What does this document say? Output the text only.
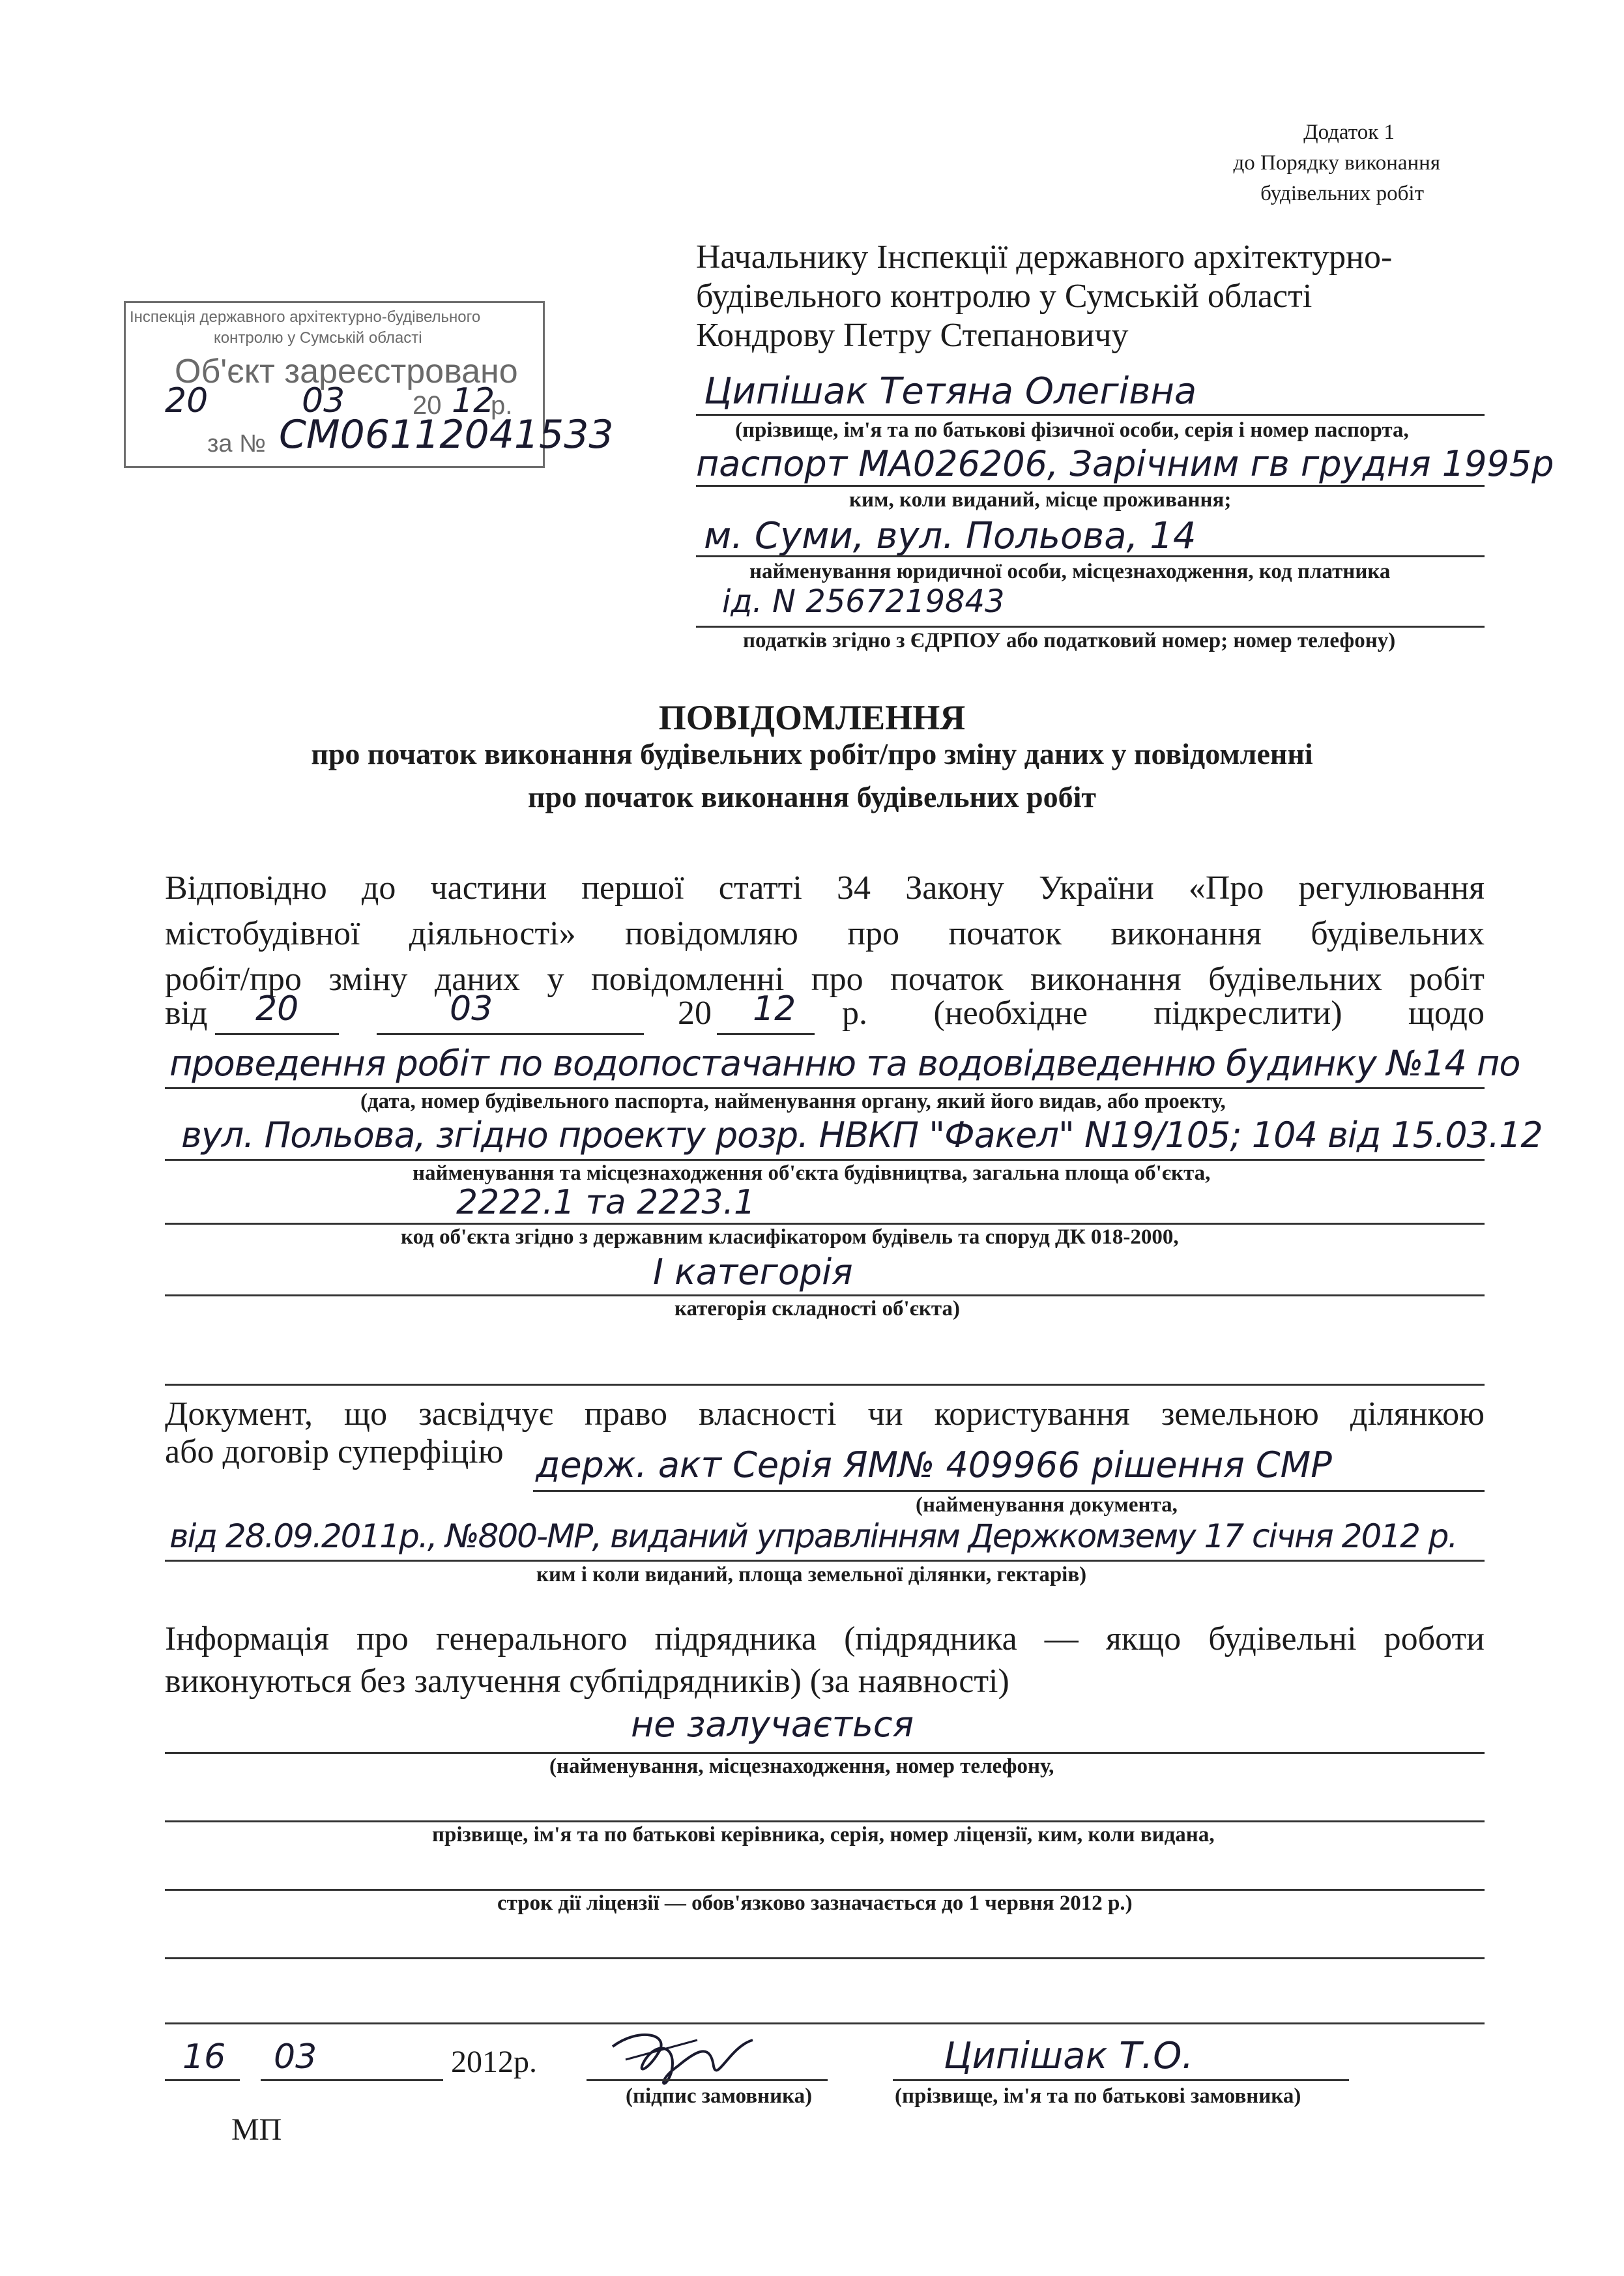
Додаток 1
до Порядку виконання
будівельних робіт
Начальнику Інспекції державного архітектурно-
будівельного контролю у Сумській області
Кондрову Петру Степановичу
Інспекція державного архітектурно-будівельного
контролю у Сумській області
Об'єкт зареєстровано
20	03	20 12
р.
за № СМ06112041533
Ципішак Тетяна Олегівна
(прізвище, ім'я та по батькові фізичної особи, серія і номер паспорта,
паспорт МА026206, Зарічним гв грудня 1995р
ким, коли виданий, місце проживання;
м. Суми, вул. Польова, 14
найменування юридичної особи, місцезнаходження, код платника
ід. N 2567219843
податків згідно з ЄДРПОУ або податковий номер; номер телефону)
ПОВІДОМЛЕННЯ
про початок виконання будівельних робіт/про зміну даних у повідомленні
про початок виконання будівельних робіт
Відповідно до частини першої статті 34 Закону України «Про регулювання
містобудівної діяльності» повідомляю про початок виконання будівельних
робіт/про зміну даних у повідомленні про початок виконання будівельних робіт
від 20	03	20 12 р. (необхідне підкреслити) щодо
проведення робіт по водопостачанню та водовідведенню будинку №14 по
(дата, номер будівельного паспорта, найменування органу, який його видав, або проекту,
вул. Польова, згідно проекту розр. НВКП "Факел" N19/105; 104 від 15.03.12
найменування та місцезнаходження об'єкта будівництва, загальна площа об'єкта,
2222.1 та 2223.1
код об'єкта згідно з державним класифікатором будівель та споруд ДК 018-2000,
І категорія
категорія складності об'єкта)
Документ, що засвідчує право власності чи користування земельною ділянкою
або договір суперфіцію держ. акт Серія ЯМ№ 409966 рішення СМР
(найменування документа,
від 28.09.2011р., №800-МР, виданий управлінням Держкомзему 17 січня 2012 р.
ким і коли виданий, площа земельної ділянки, гектарів)
Інформація про генерального підрядника (підрядника — якщо будівельні роботи
виконуються без залучення субпідрядників) (за наявності)
не залучається
(найменування, місцезнаходження, номер телефону,
прізвище, ім'я та по батькові керівника, серія, номер ліцензії, ким, коли видана,
строк дії ліцензії — обов'язково зазначається до 1 червня 2012 р.)
16 03	2012р.
(підпис замовника)
Ципішак Т.О.
(прізвище, ім'я та по батькові замовника)
МП
